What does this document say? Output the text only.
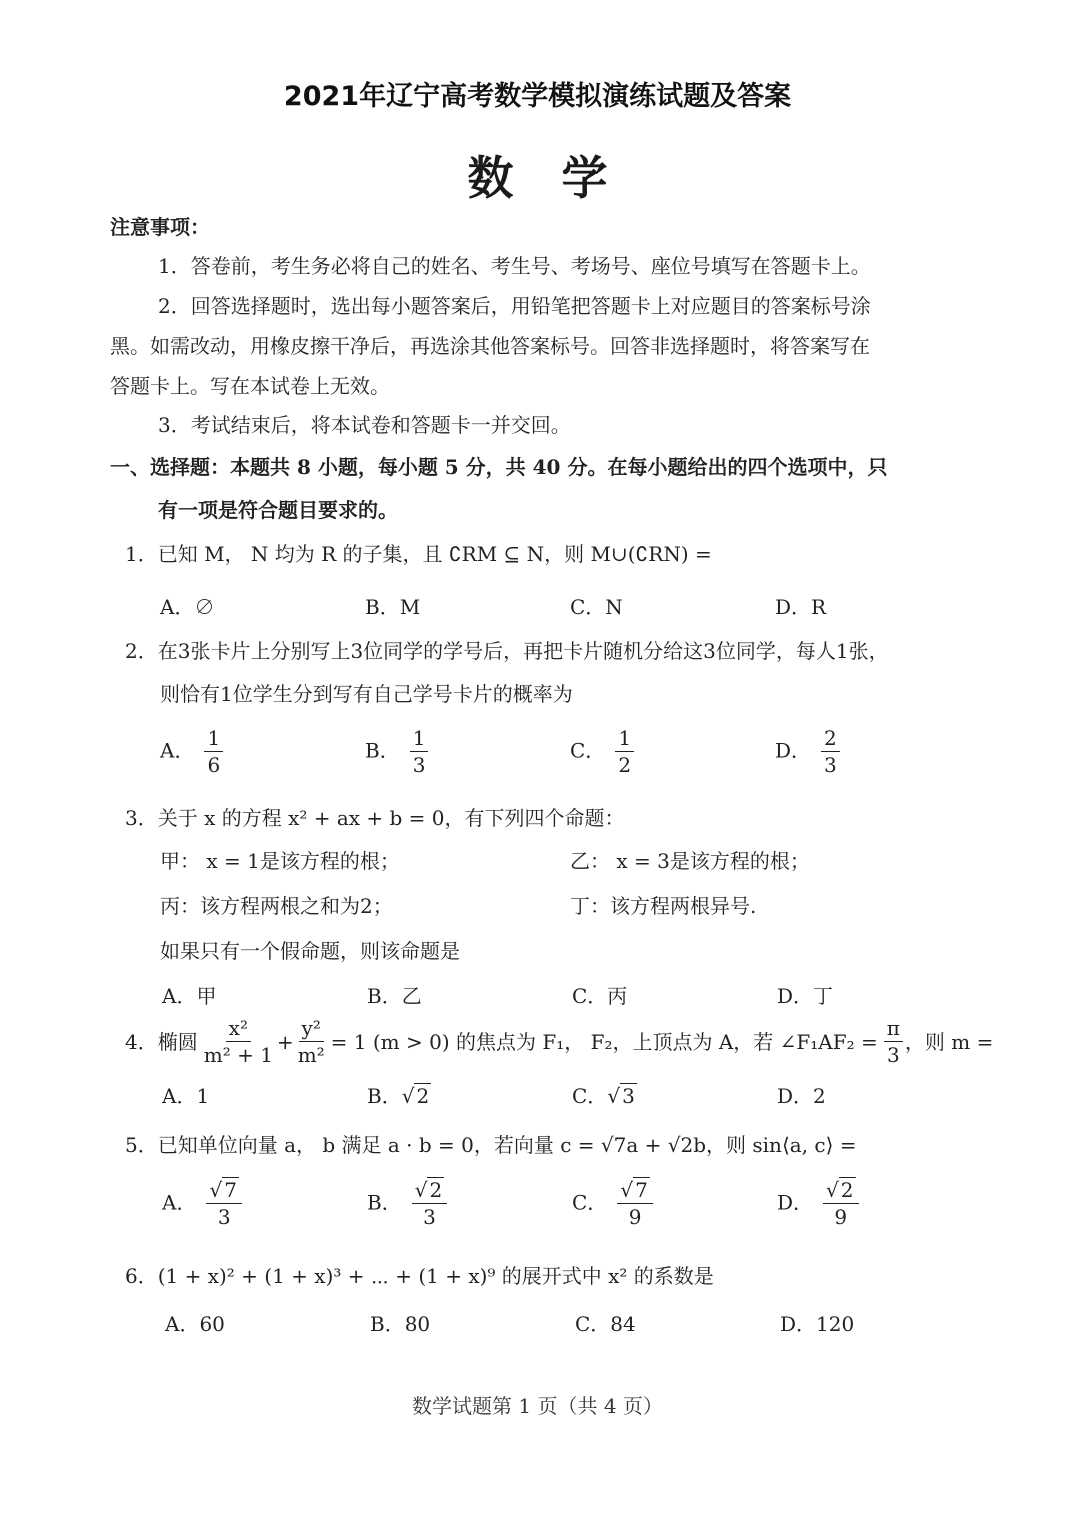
2021年辽宁高考数学模拟演练试题及答案
数学
注意事项：
1．答卷前，考生务必将自己的姓名、考生号、考场号、座位号填写在答题卡上。
2．回答选择题时，选出每小题答案后，用铅笔把答题卡上对应题目的答案标号涂
黑。如需改动，用橡皮擦干净后，再选涂其他答案标号。回答非选择题时，将答案写在
答题卡上。写在本试卷上无效。
3．考试结束后，将本试卷和答题卡一并交回。
一、选择题：本题共 8 小题，每小题 5 分，共 40 分。在每小题给出的四个选项中，只
有一项是符合题目要求的。
1．已知 M， N 均为 R 的子集，且 ∁RM ⊆ N，则 M∪(∁RN) =
A．∅	B．M	C．N	D．R
2．在3张卡片上分别写上3位同学的学号后，再把卡片随机分给这3位同学，每人1张，
则恰有1位学生分到写有自己学号卡片的概率为
A． $\frac{1}{6}$	B． $\frac{1}{3}$	C． $\frac{1}{2}$	D． $\frac{2}{3}$
3．关于 x 的方程 x² + ax + b = 0，有下列四个命题：
甲： x = 1是该方程的根；	乙： x = 3是该方程的根；
丙：该方程两根之和为2；	丁：该方程两根异号.
如果只有一个假命题，则该命题是
A．甲	B．乙	C．丙	D．丁
4．椭圆 $\frac{\text{x²}}{\text{m² + 1}} + \frac{\text{y²}}{\text{m²}} = 1$ (m > 0) 的焦点为 F₁， F₂，上顶点为 A，若 ∠F₁AF₂ = $\frac{\pi}{3}$ ，则 m =
A．1	B．√ 2	C．√ 3	D．2
5．已知单位向量 a， b 满足 a · b = 0，若向量 c = √7a + √2b，则 sin⟨a, c⟩ =
A． $\frac{√ 7}{3}$	B． $\frac{√ 2}{3}$	C． $\frac{√ 7}{9}$	D． $\frac{√ 2}{9}$
6．(1 + x)² + (1 + x)³ + ⋯ + (1 + x)⁹ 的展开式中 x² 的系数是
A．60	B．80	C．84	D．120
数学试题第 1 页（共 4 页）
